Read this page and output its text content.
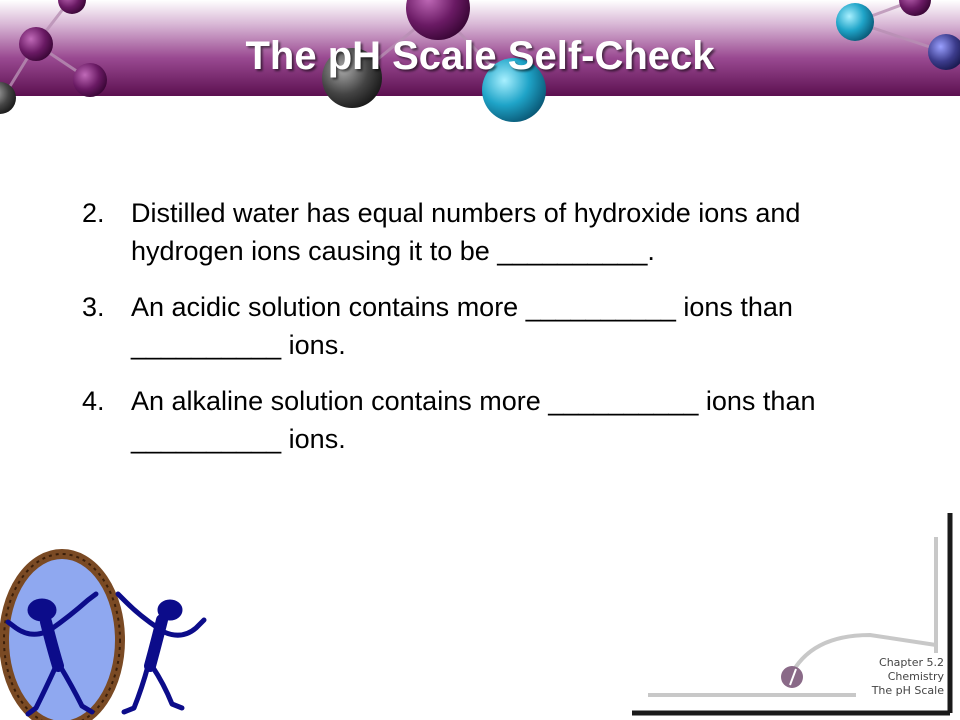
The pH Scale Self-Check
2. Distilled water has equal numbers of hydroxide ions and hydrogen ions causing it to be __________.
3. An acidic solution contains more __________ ions than __________ ions.
4. An alkaline solution contains more __________ ions than __________ ions.
Chapter 5.2
Chemistry
The pH Scale
